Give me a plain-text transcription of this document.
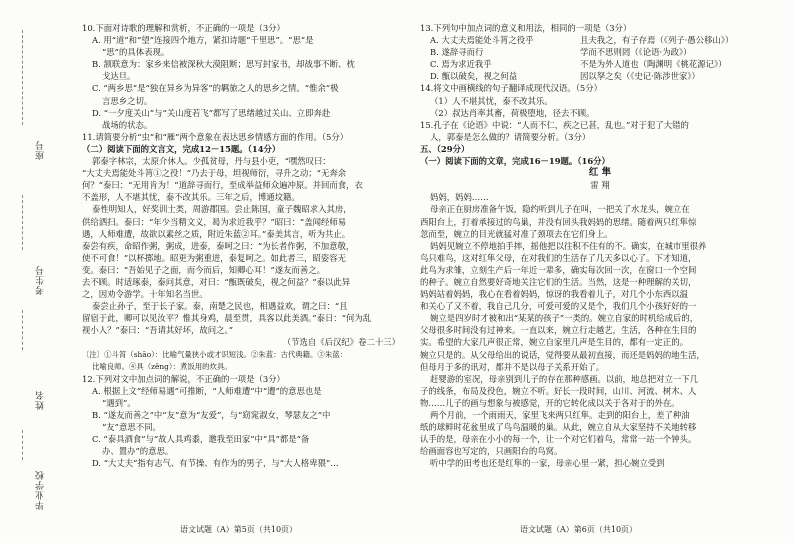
座号
考生号
姓名
毕业学校

10.下面对诗歌的理解和赏析，不正确的一项是（3分）

A. 用“道”和“望”连接四个地方，紧扣诗题“千里思”。“思”是

“思”的具体表现。

B. 颔联意为：家乡来信被深秋大漠阻断；思写封家书，却战事不断、枕

戈达旦。

C. “两乡思”是“独在异乡为异客”的羁旅之人的思乡之情。“惟余”极

言思乡之切。

D. “一夕度关山”与“关山度若飞”都写了思绪越过关山、立即奔赴

战场的状态。

11.请简要分析“虫”和“雁”两个意象在表达思乡情感方面的作用。（5分）

（二）阅读下面的文言文，完成12－15题。（14分）

郭泰字林宗，太原介休人。少孤贫母，丹与县小吏，“嘿然叹曰：

“大丈夫焉能处斗筲①之役！”乃去于母，坦视师衍，寻升之动；“无奔余

何？”泰曰：“无用肯为！”道辞寻而行，至成举益师众遍冲原。并回而食，衣

不盖形，人不堪其忧，泰不改其乐。三年之后，博通坟籍。

泰性明知人，好奖训士类，周游郡国。尝止陈国，童子魏昭求入其房，

供给洒扫。泰曰：“年少当精文义，曷为求近我乎？”昭曰：“盖闻经师易

遇，人师难遭，故欲以素丝之质，附近朱蓝②耳。”泰美其言，听为共止。

泰尝有疾，命昭作粥，粥成，进泰，泰呵之曰：“为长者作粥，不加意敬，

使不可食！”以杯掷地。昭更为粥重进，泰复呵之。如此者三，昭姿容无

变。泰曰：“吾始见子之面，而今而后，知卿心耳！”遂友而善之。

去不顾。时适琢泰，泰问其意，对曰：“甑既破矣，视之何益？”泰以此异

之，因劝令游学。十年知名当世。

泰尝止孙子，至于长子家。泰，南楚之民也，相遇益欢，谓之曰：“且

留宿于此，卿可以见汝平？惟其身鸡，晨至贯，具客以此美酒。”泰日：“何为乱

视小人？”泰曰：“吾请其好坏，故问之。”

（节选自《后汉纪》卷二十三）

〔注〕①斗筲（shāo）：比喻气量狭小或才识短浅。②朱蓝：古代典籍。③朱蓝：

比喻良师。④具（zěng）：煮饭用的炊具。

12.下列对文中加点词的解说，不正确的一项是（3分）

A. 根据上文“经师易遇”可推断，“人师难遭”中“遭”的意思也是

“遇到”。

B. “遂友而善之”中“友”意为“友爱”，与“窈窕淑女，琴瑟友之”中

“友”意思不同。

C. “泰具酒食”与“故人具鸡黍，邀我至田家”中“具”都是“备

办、置办”的意思。

D. “大丈夫”指有志气、有节操、有作为的男子，与“大人格卑猥”…

语文试题（A）第5页（共10页）

13.下列句中加点词的意义和用法，相同的一项是（3分）

A. 大丈夫焉能处斗筲之役乎	且夫我之，有子存焉（《列子·愚公移山》）

B. 遂辞寻而行	学而不思则罔（《论语·为政》）

C. 焉为求近我乎	不是为外人道也（陶渊明《桃花源记》）

D. 甑以破矣，视之何益	因以孥之矣（《史记·陈涉世家》）

14.将文中画横线的句子翻译成现代汉语。（5分）

（1）人不堪其忧，泰不改其乐。

（2）叔达肖率其畜，荷极堕地，径去不顾。

15.孔子在《论语》中说：“人而不仁，疾之已甚，乱也。”对于犯了大错的

人，郭泰是怎么做的？请简要分析。（3分）

五、（29分）

（一）阅读下面的文章，完成16－19题。（16分）

红 隼

雷 翔

妈妈，妈妈……

母亲正在厨房准备午饭，隐约听到儿子在叫，一把关了水龙头，婉立在

西阳台上，打着承接过的鸟巢，并没有回头我妈妈的思绪。随着两只红隼惊

忽而至，婉立的目光就猛对准了颈项去在它们身上。

妈妈见婉立不停地拍手摔，摇他把以往积不住有的不。确实，在城市里很养

鸟只难鸟，这对红隼父母，在对我们的生活存了几天多以心了。下才知道，

此鸟为求雏，立刻生产后一年近一辈多，确实每次回一次，在窗口一个空间

的种子。婉立自然要好奇地关注它们的生活。当然，这是一种理解的关切，

妈妈站着妈妈，我心在看着妈妈，惊讶的我看着儿子，对几个小东西以温

和关心了又不着，我自己几分，可爱可爱的又是个，我们几个小孩好好的一

婉立是四岁时才被和出“某某的孩子”一类的。婉立自家的时机给成后的，

父母很多时间没有过神来。一直以来，婉立行走越艺，生活，各种在生目的

实。希望的大家几声很正常，婉立自家里几声是生目的，都有一定正的。

婉立只是的。从父母给出的说话，觉得要从最初直接，而还是妈妈的地生活，

但母月于多的讯对，都并不是以母子关系开始了。

赶婴游的室况，母亲别到儿子的存在那种感画。以前，地总把对立一下几

子的线条，布局及役色，婉立不听。好长一段时间，山川、河流、树木、人

物……儿子的画与想象与被感觉，开的它转化成以关于各对于的外在。

两个月前，一个雨雨天，家里飞来两只红隼。走到的阳台上，差了种油

纸的球鲜时花盆里成了鸟鸟温暖的巢。从此，婉立自从大家坚持不关地转移

认手的是，母亲在小小的每一个，让一个对它们着鸟，常常一站一个钟头。

给画面容也写定的，只画阳台的鸟窝。

听中学的田考也还是红隼的一家，母亲心里一紧，担心婉立受到

语文试题（A）第6页（共10页）
